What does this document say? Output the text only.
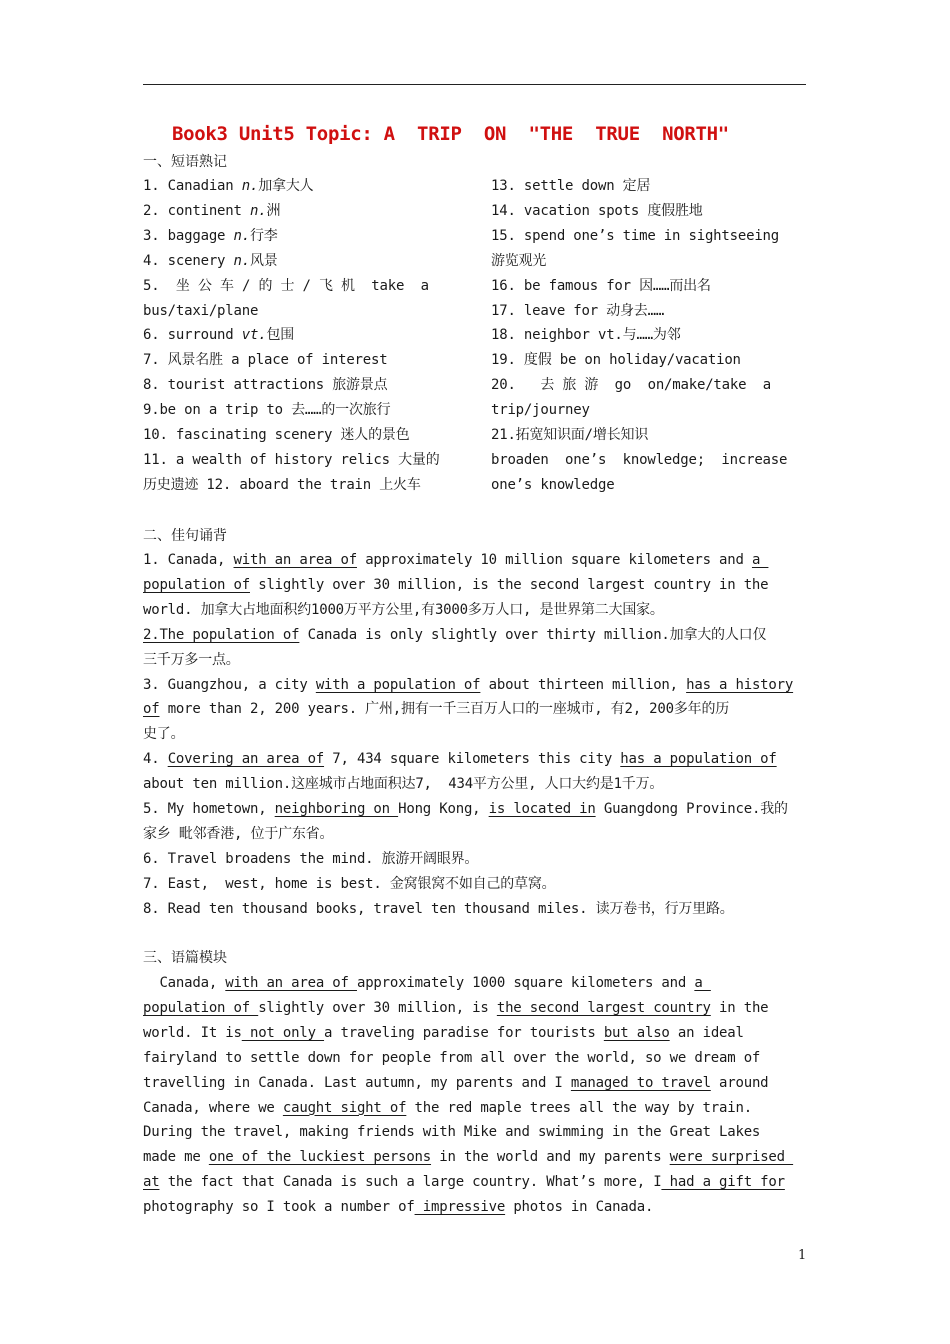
Book3 Unit5 Topic: A  TRIP  ON  "THE  TRUE  NORTH"
一、短语熟记
1. Canadian n.加拿大人
2. continent n.洲
3. baggage n.行李
4. scenery n.风景
5.  坐 公 车 / 的 士 / 飞 机  take  a
bus/taxi/plane
6. surround vt.包围
7. 风景名胜 a place of interest
8. tourist attractions 旅游景点
9.be on a trip to 去……的一次旅行
10. fascinating scenery 迷人的景色
11. a wealth of history relics 大量的
历史遗迹 12. aboard the train 上火车
13. settle down 定居
14. vacation spots 度假胜地
15. spend one’s time in sightseeing
游览观光
16. be famous for 因……而出名
17. leave for 动身去……
18. neighbor vt.与……为邻
19. 度假 be on holiday/vacation
20.   去 旅 游  go  on/make/take  a
trip/journey
21.拓宽知识面/增长知识
broaden  one’s  knowledge;  increase
one’s knowledge
二、佳句诵背
1. Canada, with an area of approximately 10 million square kilometers and a
population of slightly over 30 million, is the second largest country in the
world. 加拿大占地面积约1000万平方公里,有3000多万人口, 是世界第二大国家。
2.The population of Canada is only slightly over thirty million.加拿大的人口仅
三千万多一点。
3. Guangzhou, a city with a population of about thirteen million, has a history
of more than 2, 200 years. 广州,拥有一千三百万人口的一座城市, 有2, 200多年的历
史了。
4. Covering an area of 7, 434 square kilometers this city has a population of
about ten million.这座城市占地面积达7,  434平方公里, 人口大约是1千万。
5. My hometown, neighboring on Hong Kong, is located in Guangdong Province.我的
家乡 毗邻香港, 位于广东省。
6. Travel broadens the mind. 旅游开阔眼界。
7. East,  west, home is best. 金窝银窝不如自己的草窝。
8. Read ten thousand books, travel ten thousand miles. 读万卷书，行万里路。
三、语篇模块
Canada, with an area of approximately 1000 square kilometers and a
population of slightly over 30 million, is the second largest country in the
world. It is not only a traveling paradise for tourists but also an ideal
fairyland to settle down for people from all over the world, so we dream of
travelling in Canada. Last autumn, my parents and I managed to travel around
Canada, where we caught sight of the red maple trees all the way by train.
During the travel, making friends with Mike and swimming in the Great Lakes
made me one of the luckiest persons in the world and my parents were surprised
at the fact that Canada is such a large country. What’s more, I had a gift for
photography so I took a number of impressive photos in Canada.
1
